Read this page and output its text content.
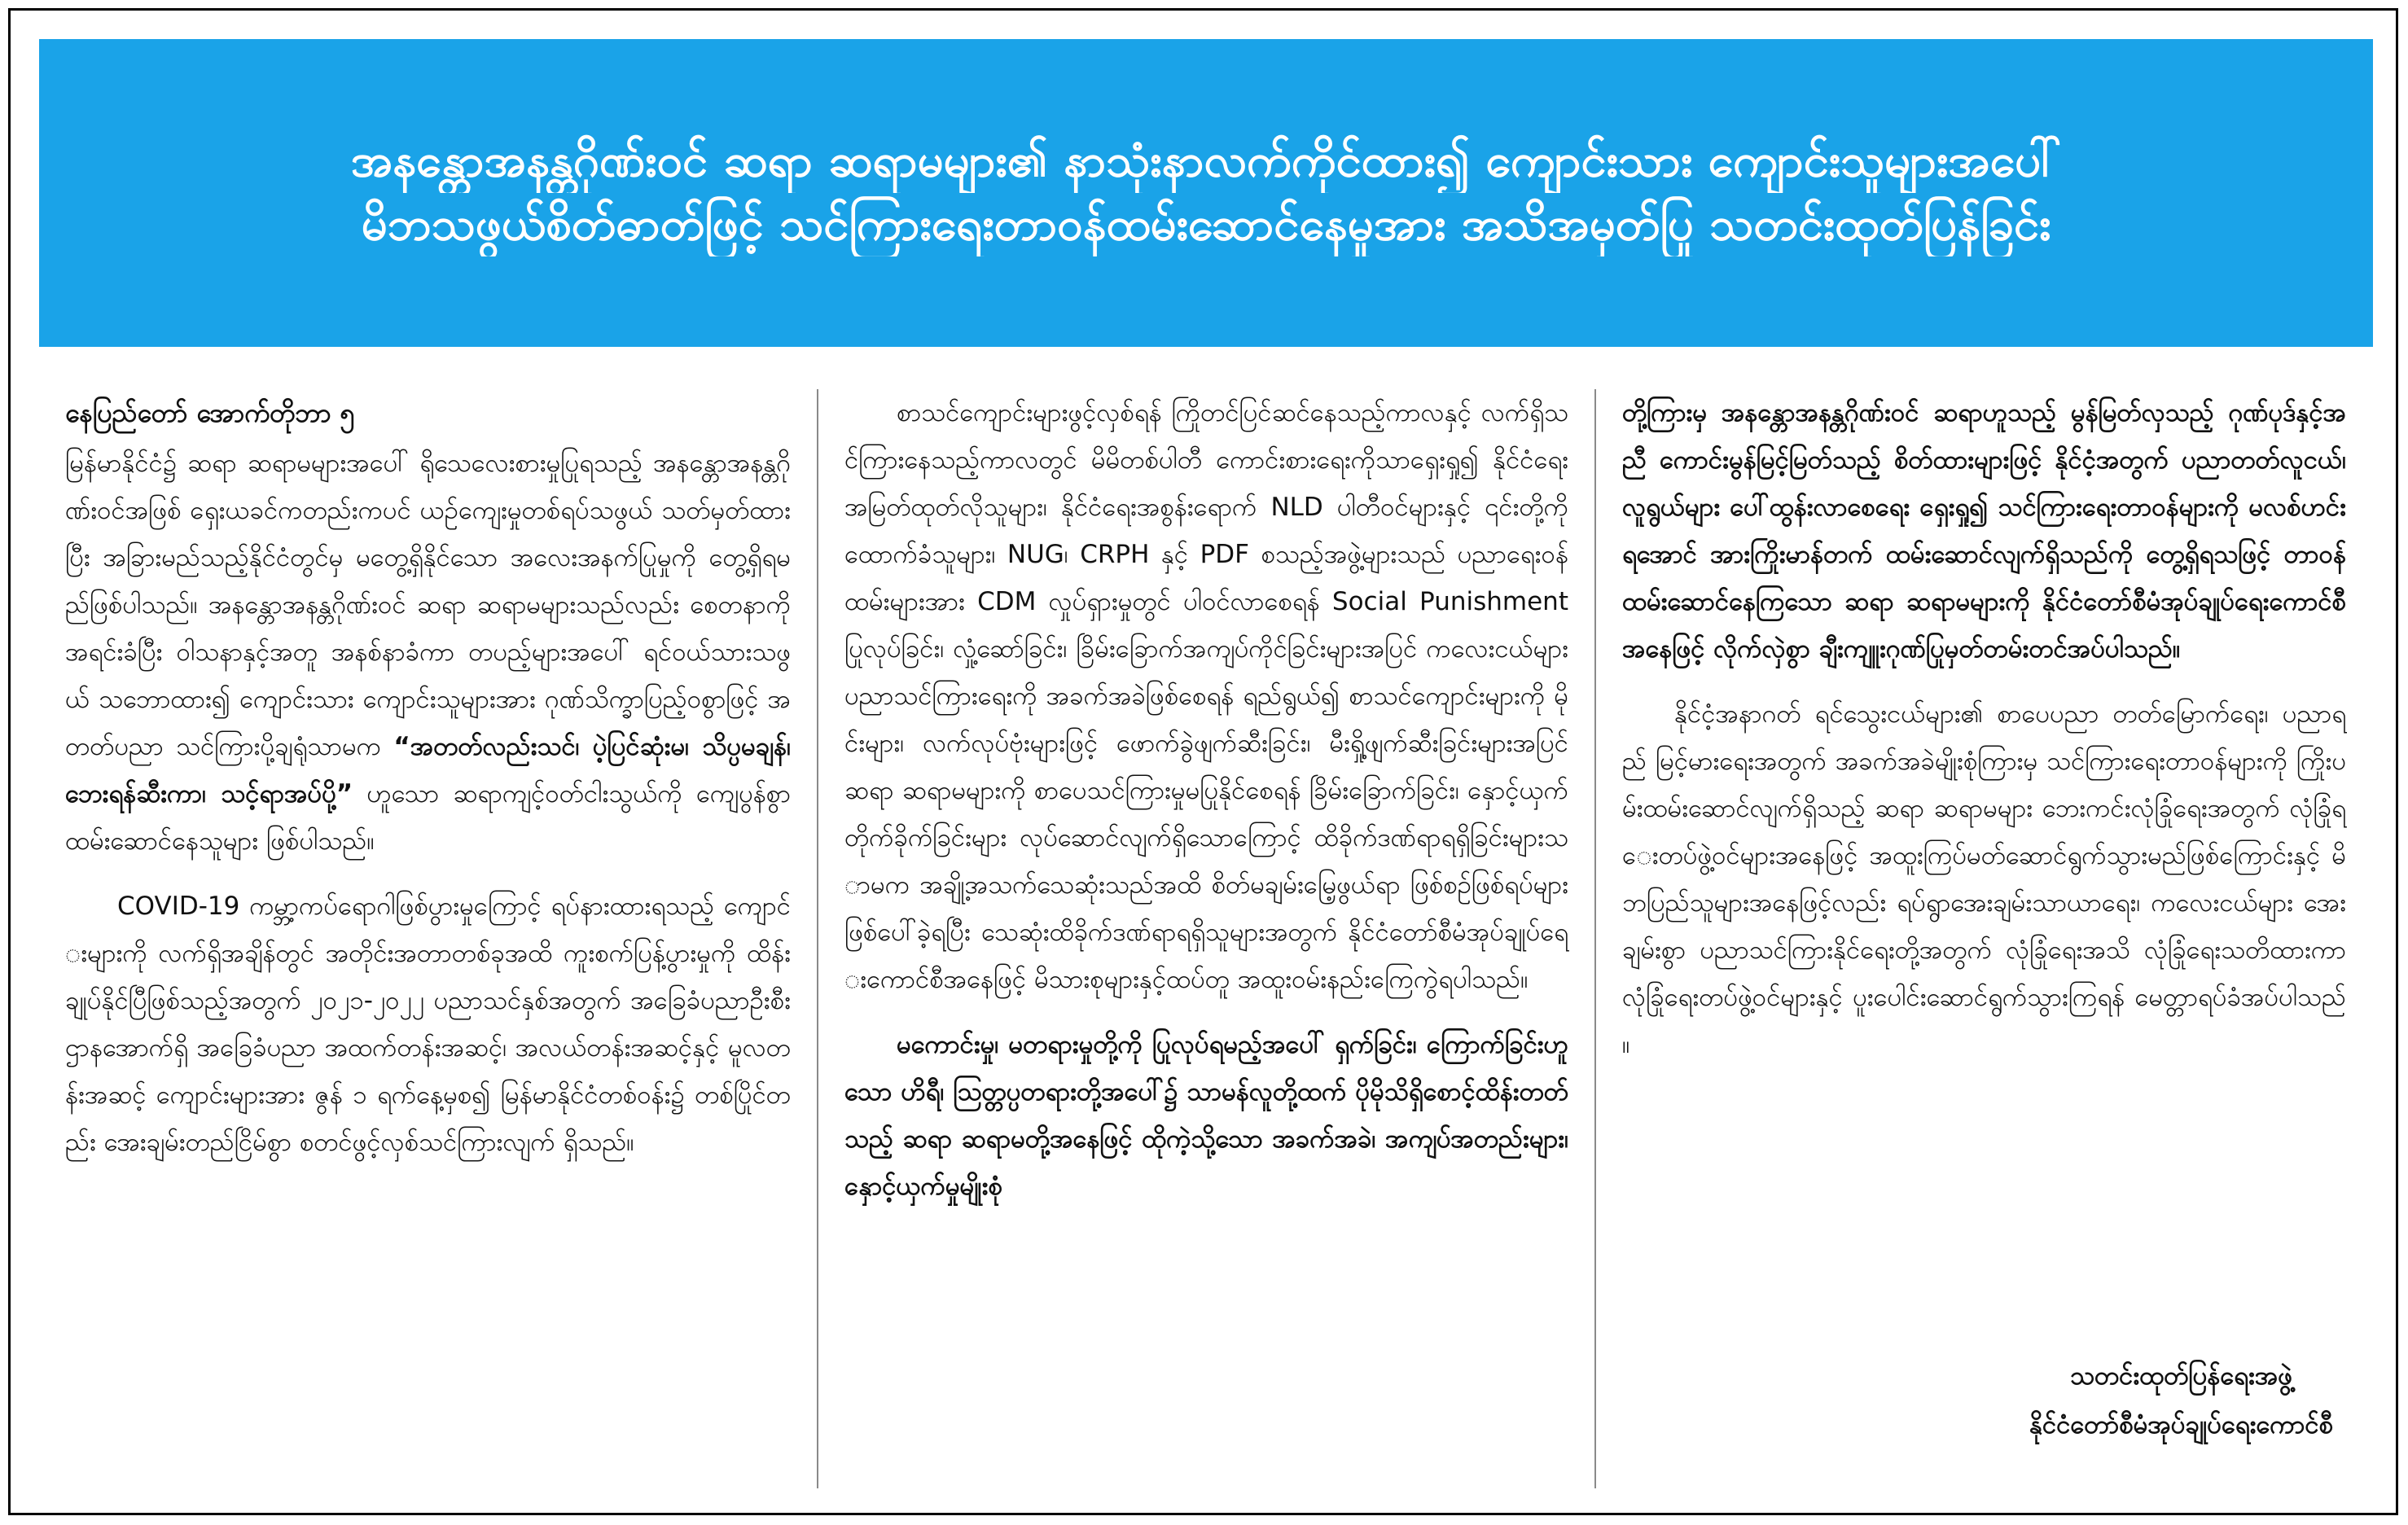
အနန္တောအနန္တဂိုဏ်းဝင် ဆရာ ဆရာမများ၏ နာသုံးနာလက်ကိုင်ထား၍ ကျောင်းသား ကျောင်းသူများအပေါ်
မိဘသဖွယ်စိတ်ဓာတ်ဖြင့် သင်ကြားရေးတာဝန်ထမ်းဆောင်နေမှုအား အသိအမှတ်ပြု သတင်းထုတ်ပြန်ခြင်း

နေပြည်တော် အောက်တိုဘာ ၅

မြန်မာနိုင်ငံ၌ ဆရာ ဆရာမများအပေါ် ရိုသေလေးစားမှုပြုရသည့် အနန္တောအနန္တဂိုဏ်းဝင်အဖြစ် ရှေးယခင်ကတည်းကပင် ယဉ်ကျေးမှုတစ်ရပ်သဖွယ် သတ်မှတ်ထားပြီး အခြားမည်သည့်နိုင်ငံတွင်မှ မတွေ့ရှိနိုင်သော အလေးအနက်ပြုမှုကို တွေ့ရှိရမည်ဖြစ်ပါသည်။ အနန္တောအနန္တဂိုဏ်းဝင် ဆရာ ဆရာမများသည်လည်း စေတနာကို အရင်းခံပြီး ဝါသနာနှင့်အတူ အနစ်နာခံကာ တပည့်များအပေါ် ရင်ဝယ်သားသဖွယ် သဘောထား၍ ကျောင်းသား ကျောင်းသူများအား ဂုဏ်သိက္ခာပြည့်ဝစွာဖြင့် အတတ်ပညာ သင်ကြားပို့ချရုံသာမက “အတတ်လည်းသင်၊ ပဲ့ပြင်ဆုံးမ၊ သိပ္ပမချန်၊ ဘေးရန်ဆီးကာ၊ သင့်ရာအပ်ပို့” ဟူသော ဆရာကျင့်ဝတ်ငါးသွယ်ကို ကျေပွန်စွာ ထမ်းဆောင်နေသူများ ဖြစ်ပါသည်။

COVID-19 ကမ္ဘာ့ကပ်ရောဂါဖြစ်ပွားမှုကြောင့် ရပ်နားထားရသည့် ကျောင်းများကို လက်ရှိအချိန်တွင် အတိုင်းအတာတစ်ခုအထိ ကူးစက်ပြန့်ပွားမှုကို ထိန်းချုပ်နိုင်ပြီဖြစ်သည့်အတွက် ၂၀၂၁-၂၀၂၂ ပညာသင်နှစ်အတွက် အခြေခံပညာဦးစီးဌာနအောက်ရှိ အခြေခံပညာ အထက်တန်းအဆင့်၊ အလယ်တန်းအဆင့်နှင့် မူလတန်းအဆင့် ကျောင်းများအား ဇွန် ၁ ရက်နေ့မှစ၍ မြန်မာနိုင်ငံတစ်ဝန်း၌ တစ်ပြိုင်တည်း အေးချမ်းတည်ငြိမ်စွာ စတင်ဖွင့်လှစ်သင်ကြားလျက် ရှိသည်။

စာသင်ကျောင်းများဖွင့်လှစ်ရန် ကြိုတင်ပြင်ဆင်နေသည့်ကာလနှင့် လက်ရှိသင်ကြားနေသည့်ကာလတွင် မိမိတစ်ပါတီ ကောင်းစားရေးကိုသာရှေးရှု၍ နိုင်ငံရေးအမြတ်ထုတ်လိုသူများ၊ နိုင်ငံရေးအစွန်းရောက် NLD ပါတီဝင်များနှင့် ၎င်းတို့ကို ထောက်ခံသူများ၊ NUG၊ CRPH နှင့် PDF စသည့်အဖွဲ့များသည် ပညာရေးဝန်ထမ်းများအား CDM လှုပ်ရှားမှုတွင် ပါဝင်လာစေရန် Social Punishment ပြုလုပ်ခြင်း၊ လှုံ့ဆော်ခြင်း၊ ခြိမ်းခြောက်အကျပ်ကိုင်ခြင်းများအပြင် ကလေးငယ်များ ပညာသင်ကြားရေးကို အခက်အခဲဖြစ်စေရန် ရည်ရွယ်၍ စာသင်ကျောင်းများကို မိုင်းများ၊ လက်လုပ်ဗုံးများဖြင့် ဖောက်ခွဲဖျက်ဆီးခြင်း၊ မီးရှို့ဖျက်ဆီးခြင်းများအပြင် ဆရာ ဆရာမများကို စာပေသင်ကြားမှုမပြုနိုင်စေရန် ခြိမ်းခြောက်ခြင်း၊ နှောင့်ယှက်တိုက်ခိုက်ခြင်းများ လုပ်ဆောင်လျက်ရှိသောကြောင့် ထိခိုက်ဒဏ်ရာရရှိခြင်းများသာမက အချို့အသက်သေဆုံးသည်အထိ စိတ်မချမ်းမြေ့ဖွယ်ရာ ဖြစ်စဉ်ဖြစ်ရပ်များဖြစ်ပေါ်ခဲ့ရပြီး သေဆုံးထိခိုက်ဒဏ်ရာရရှိသူများအတွက် နိုင်ငံတော်စီမံအုပ်ချုပ်ရေးကောင်စီအနေဖြင့် မိသားစုများနှင့်ထပ်တူ အထူးဝမ်းနည်းကြေကွဲရပါသည်။

မကောင်းမှု၊ မတရားမှုတို့ကို ပြုလုပ်ရမည့်အပေါ် ရှက်ခြင်း၊ ကြောက်ခြင်းဟူသော ဟိရီ၊ ဩတ္တပ္ပတရားတို့အပေါ်၌ သာမန်လူတို့ထက် ပိုမိုသိရှိစောင့်ထိန်းတတ်သည့် ဆရာ ဆရာမတို့အနေဖြင့် ထိုကဲ့သို့သော အခက်အခဲ၊ အကျပ်အတည်းများ၊ နှောင့်ယှက်မှုမျိုးစုံ

တို့ကြားမှ အနန္တောအနန္တဂိုဏ်းဝင် ဆရာဟူသည့် မွန်မြတ်လှသည့် ဂုဏ်ပုဒ်နှင့်အညီ ကောင်းမွန်မြင့်မြတ်သည့် စိတ်ထားများဖြင့် နိုင်ငံ့အတွက် ပညာတတ်လူငယ်၊ လူရွယ်များ ပေါ်ထွန်းလာစေရေး ရှေးရှု၍ သင်ကြားရေးတာဝန်များကို မလစ်ဟင်းရအောင် အားကြိုးမာန်တက် ထမ်းဆောင်လျက်ရှိသည်ကို တွေ့ရှိရသဖြင့် တာဝန်ထမ်းဆောင်နေကြသော ဆရာ ဆရာမများကို နိုင်ငံတော်စီမံအုပ်ချုပ်ရေးကောင်စီအနေဖြင့် လိုက်လှဲစွာ ချီးကျူးဂုဏ်ပြုမှတ်တမ်းတင်အပ်ပါသည်။

နိုင်ငံ့အနာဂတ် ရင်သွေးငယ်များ၏ စာပေပညာ တတ်မြောက်ရေး၊ ပညာရည် မြင့်မားရေးအတွက် အခက်အခဲမျိုးစုံကြားမှ သင်ကြားရေးတာဝန်များကို ကြိုးပမ်းထမ်းဆောင်လျက်ရှိသည့် ဆရာ ဆရာမများ ဘေးကင်းလုံခြုံရေးအတွက် လုံခြုံရေးတပ်ဖွဲ့ဝင်များအနေဖြင့် အထူးကြပ်မတ်ဆောင်ရွက်သွားမည်ဖြစ်ကြောင်းနှင့် မိဘပြည်သူများအနေဖြင့်လည်း ရပ်ရွာအေးချမ်းသာယာရေး၊ ကလေးငယ်များ အေးချမ်းစွာ ပညာသင်ကြားနိုင်ရေးတို့အတွက် လုံခြုံရေးအသိ လုံခြုံရေးသတိထားကာ လုံခြုံရေးတပ်ဖွဲ့ဝင်များနှင့် ပူးပေါင်းဆောင်ရွက်သွားကြရန် မေတ္တာရပ်ခံအပ်ပါသည်။

သတင်းထုတ်ပြန်ရေးအဖွဲ့
နိုင်ငံတော်စီမံအုပ်ချုပ်ရေးကောင်စီ
